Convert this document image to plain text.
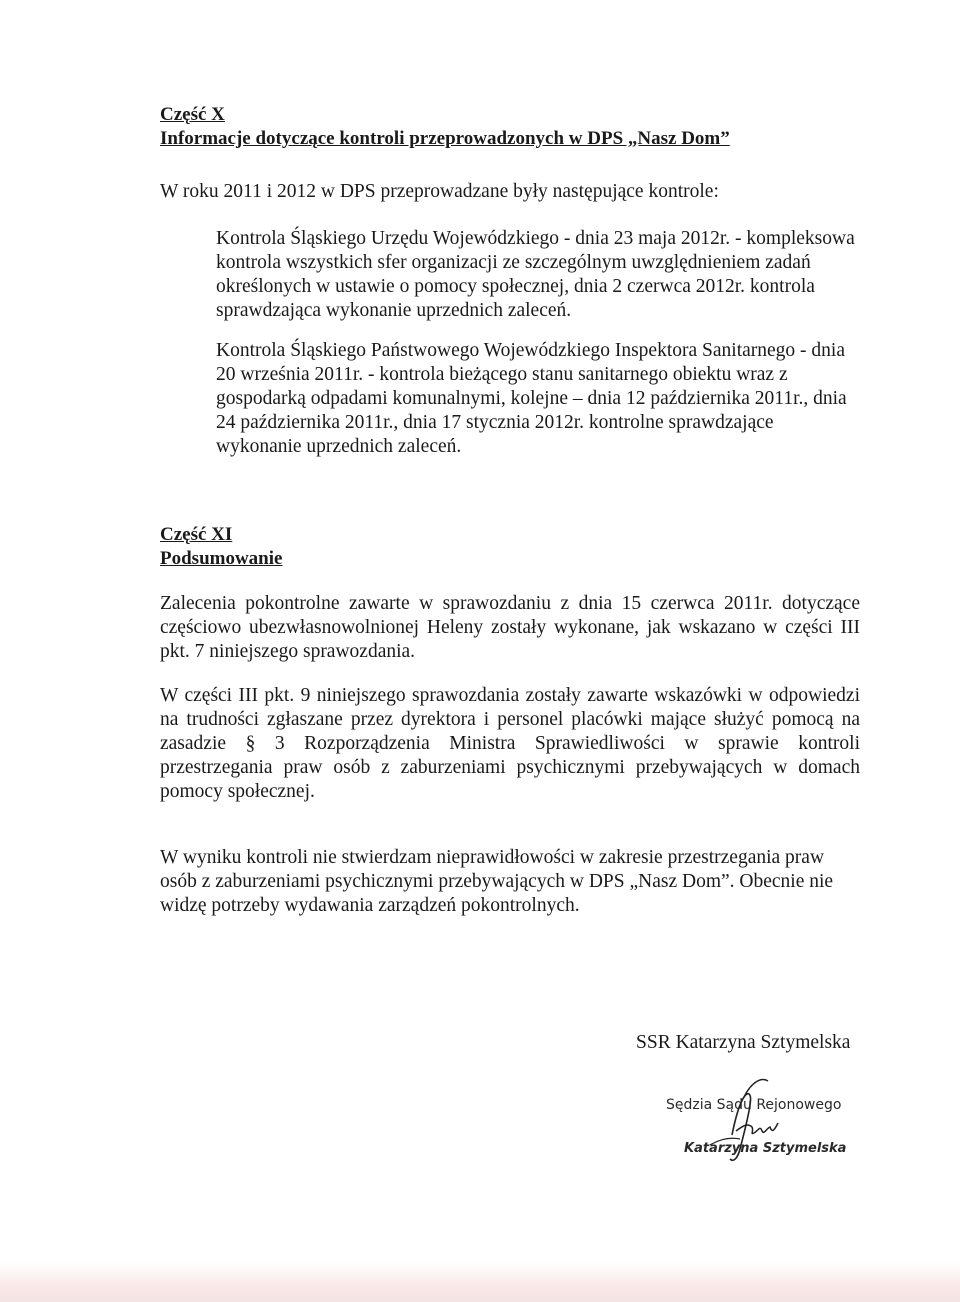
Część X
Informacje dotyczące kontroli przeprowadzonych w DPS „Nasz Dom”

W roku 2011 i 2012 w DPS przeprowadzane były następujące kontrole:

Kontrola Śląskiego Urzędu Wojewódzkiego - dnia 23 maja 2012r. - kompleksowa kontrola wszystkich sfer organizacji ze szczególnym uwzględnieniem zadań określonych w ustawie o pomocy społecznej, dnia 2 czerwca 2012r. kontrola sprawdzająca wykonanie uprzednich zaleceń.

Kontrola Śląskiego Państwowego Wojewódzkiego Inspektora Sanitarnego - dnia 20 września 2011r. - kontrola bieżącego stanu sanitarnego obiektu wraz z gospodarką odpadami komunalnymi, kolejne – dnia 12 października 2011r., dnia 24 października 2011r., dnia 17 stycznia 2012r. kontrolne sprawdzające wykonanie uprzednich zaleceń.

Część XI
Podsumowanie

Zalecenia pokontrolne zawarte w sprawozdaniu z dnia 15 czerwca 2011r. dotyczące częściowo ubezwłasnowolnionej Heleny zostały wykonane, jak wskazano w części III pkt. 7 niniejszego sprawozdania.

W części III pkt. 9 niniejszego sprawozdania zostały zawarte wskazówki w odpowiedzi na trudności zgłaszane przez dyrektora i personel placówki mające służyć pomocą na zasadzie § 3 Rozporządzenia Ministra Sprawiedliwości w sprawie kontroli przestrzegania praw osób z zaburzeniami psychicznymi przebywających w domach pomocy społecznej.

W wyniku kontroli nie stwierdzam nieprawidłowości w zakresie przestrzegania praw osób z zaburzeniami psychicznymi przebywających w DPS „Nasz Dom”. Obecnie nie widzę potrzeby wydawania zarządzeń pokontrolnych.

SSR Katarzyna Sztymelska

Sędzia Sądu Rejonowego
Katarzyna Sztymelska
